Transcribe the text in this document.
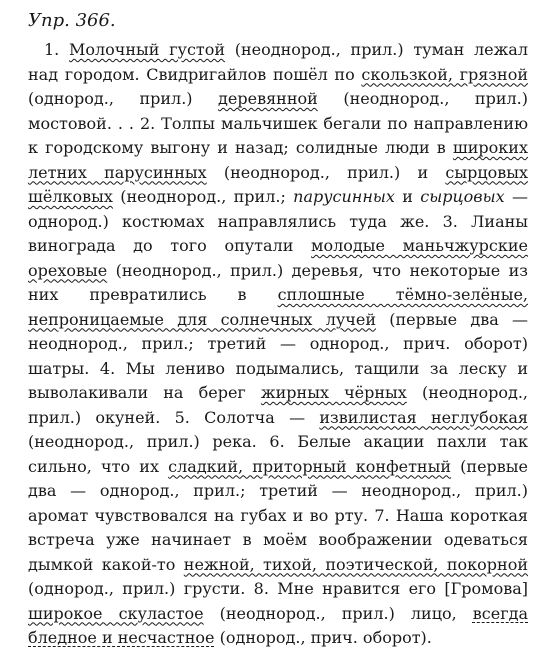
Упр. 366.

1. Молочный густой (неоднород., прил.) туман лежал над городом. Свидригайлов пошёл по скользкой, грязной (однород., прил.) деревянной (неоднород., прил.) мостовой. . . 2. Толпы мальчишек бегали по направлению к городскому выгону и назад; солидные люди в широких летних парусинных (неоднород., прил.) и сырцовых шёлковых (неоднород., прил.; парусинных и сырцовых — однород.) костюмах направлялись туда же. 3. Лианы винограда до того опутали молодые маньчжурские ореховые (неоднород., прил.) деревья, что некоторые из них превратились в сплошные тёмно-зелёные, непроницаемые для солнечных лучей (первые два — неоднород., прил.; третий — однород., прич. оборот) шатры. 4. Мы лениво подымались, тащили за леску и выволакивали на берег жирных чёрных (неоднород., прил.) окуней. 5. Солотча — извилистая неглубокая (неоднород., прил.) река. 6. Белые акации пахли так сильно, что их сладкий, приторный конфетный (первые два — однород., прил.; третий — неоднород., прил.) аромат чувствовался на губах и во рту. 7. Наша короткая встреча уже начинает в моём воображении одеваться дымкой какой-то нежной, тихой, поэтической, покорной (однород., прил.) грусти. 8. Мне нравится его [Громова] широкое скуластое (неоднород., прил.) лицо, всегда бледное и несчастное (однород., прич. оборот).
